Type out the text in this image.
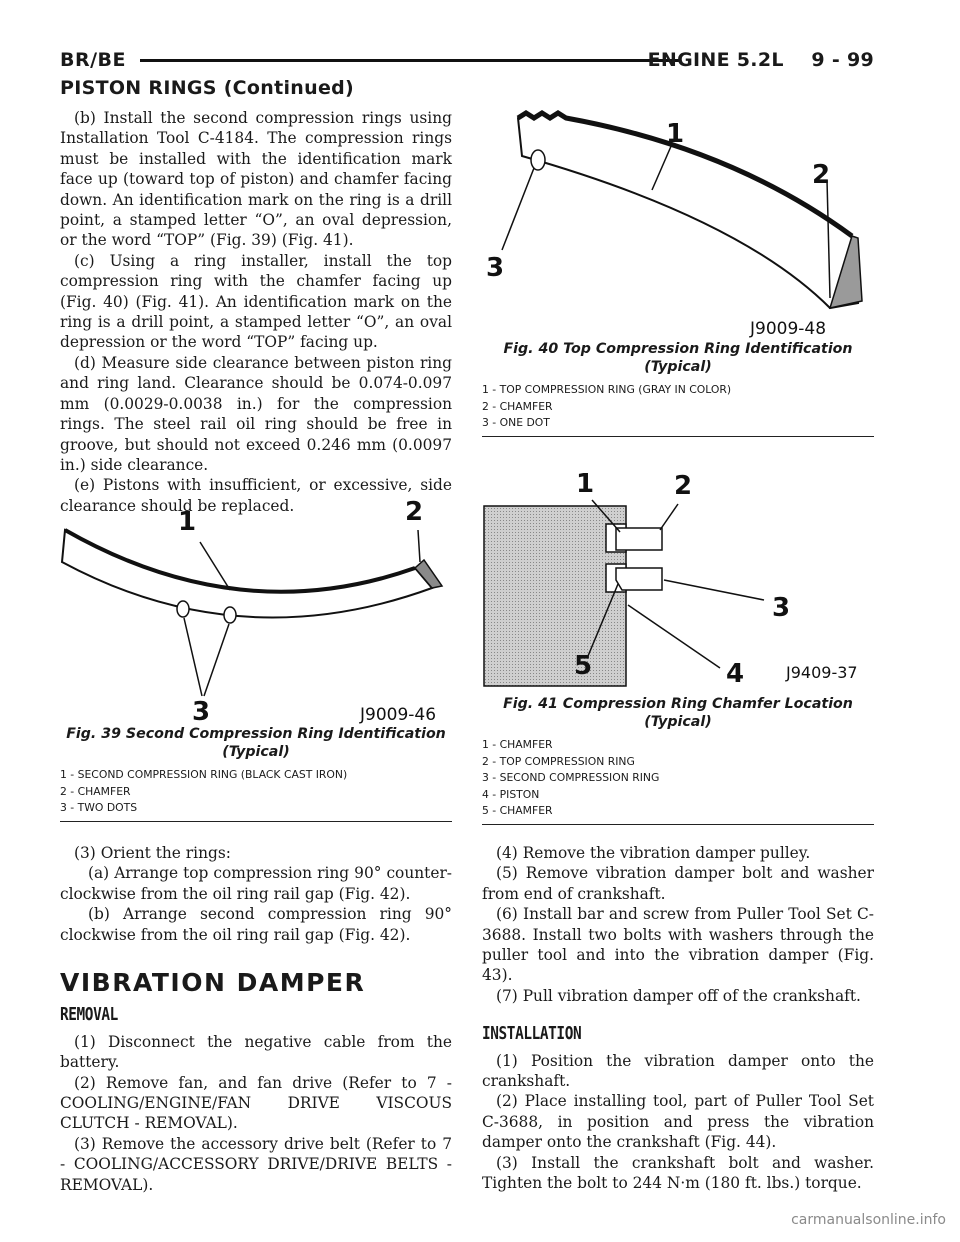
BR/BE	ENGINE 5.2L 9 - 99
PISTON RINGS (Continued)

(b) Install the second compression rings using Installation Tool C-4184. The compression rings must be installed with the identification mark face up (toward top of piston) and chamfer facing down. An identification mark on the ring is a drill point, a stamped letter “O”, an oval depression, or the word “TOP” (Fig. 39) (Fig. 41).

(c) Using a ring installer, install the top compression ring with the chamfer facing up (Fig. 40) (Fig. 41). An identification mark on the ring is a drill point, a stamped letter “O”, an oval depression or the word “TOP” facing up.

(d) Measure side clearance between piston ring and ring land. Clearance should be 0.074-0.097 mm (0.0029-0.0038 in.) for the compression rings. The steel rail oil ring should be free in groove, but should not exceed 0.246 mm (0.0097 in.) side clearance.

(e) Pistons with insufficient, or excessive, side clearance should be replaced.

1	2
3	J9009-46
Fig. 39 Second Compression Ring Identification
(Typical)
1 - SECOND COMPRESSION RING (BLACK CAST IRON)
2 - CHAMFER
3 - TWO DOTS

(3) Orient the rings:

(a) Arrange top compression ring 90° counter-clockwise from the oil ring rail gap (Fig. 42).

(b) Arrange second compression ring 90° clockwise from the oil ring rail gap (Fig. 42).

VIBRATION DAMPER
REMOVAL

(1) Disconnect the negative cable from the battery.

(2) Remove fan, and fan drive (Refer to 7 - COOLING/ENGINE/FAN DRIVE VISCOUS CLUTCH - REMOVAL).

(3) Remove the accessory drive belt (Refer to 7 - COOLING/ACCESSORY DRIVE/DRIVE BELTS - REMOVAL).

1
2
3
J9009-48
Fig. 40 Top Compression Ring Identification
(Typical)
1 - TOP COMPRESSION RING (GRAY IN COLOR)
2 - CHAMFER
3 - ONE DOT
1	2
3
4
5	J9409-37
Fig. 41 Compression Ring Chamfer Location
(Typical)
1 - CHAMFER
2 - TOP COMPRESSION RING
3 - SECOND COMPRESSION RING
4 - PISTON
5 - CHAMFER

(4) Remove the vibration damper pulley.

(5) Remove vibration damper bolt and washer from end of crankshaft.

(6) Install bar and screw from Puller Tool Set C-3688. Install two bolts with washers through the puller tool and into the vibration damper (Fig. 43).

(7) Pull vibration damper off of the crankshaft.

INSTALLATION

(1) Position the vibration damper onto the crankshaft.

(2) Place installing tool, part of Puller Tool Set C-3688, in position and press the vibration damper onto the crankshaft (Fig. 44).

(3) Install the crankshaft bolt and washer. Tighten the bolt to 244 N·m (180 ft. lbs.) torque.

carmanualsonline.info
